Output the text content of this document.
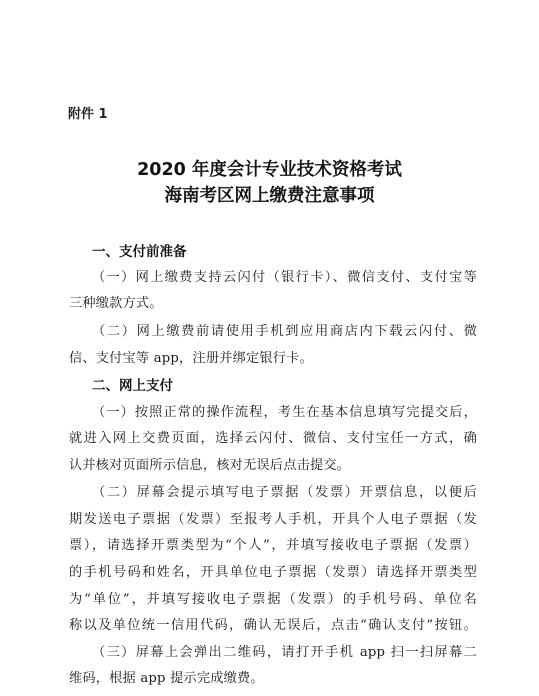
附件 1
2020 年度会计专业技术资格考试
海南考区网上缴费注意事项
一、支付前准备
（一）网上缴费支持云闪付（银行卡）、微信支付、支付宝等
三种缴款方式。
（二）网上缴费前请使用手机到应用商店内下载云闪付、微
信、支付宝等 app，注册并绑定银行卡。
二、网上支付
（一）按照正常的操作流程，考生在基本信息填写完提交后，
就进入网上交费页面，选择云闪付、微信、支付宝任一方式，确
认并核对页面所示信息，核对无误后点击提交。
（二）屏幕会提示填写电子票据（发票）开票信息，以便后
期发送电子票据（发票）至报考人手机，开具个人电子票据（发
票），请选择开票类型为“个人”，并填写接收电子票据（发票）
的手机号码和姓名，开具单位电子票据（发票）请选择开票类型
为“单位”，并填写接收电子票据（发票）的手机号码、单位名
称以及单位统一信用代码，确认无误后，点击“确认支付”按钮。
（三）屏幕上会弹出二维码，请打开手机 app 扫一扫屏幕二
维码，根据 app 提示完成缴费。
